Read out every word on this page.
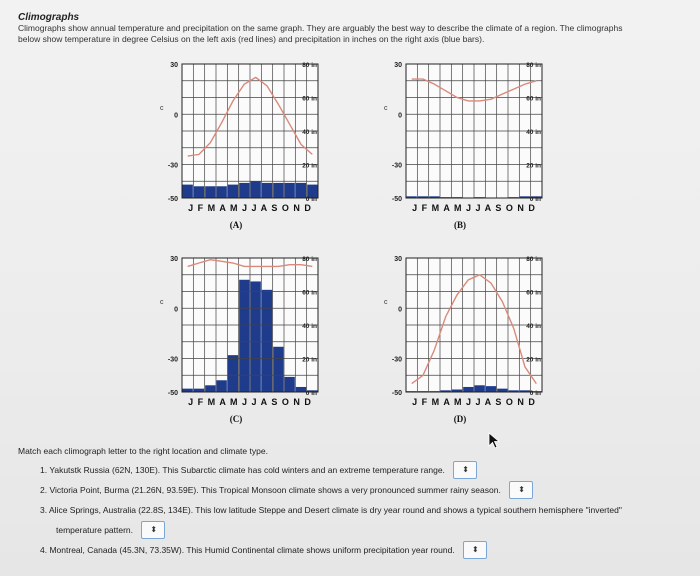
Climographs
Climographs show annual temperature and precipitation on the same graph. They are arguably the best way to describe the climate of a region. The climographs
below show temperature in degree Celsius on the left axis (red lines) and precipitation in inches on the right axis (blue bars).
30
0
-30
-50
c
80 in
60 in
40 in
20 in
0 in
J F M A M J J A S O N D
(A)
30
0
-30
-50
c
80 in
60 in
40 in
20 in
0 in
J F M A M J J A S O N D
(B)
30
0
-30
-50
c
80 in
60 in
40 in
20 in
0 in
J F M A M J J A S O N D
(C)
30
0
-30
-50
c
80 in
60 in
40 in
20 in
0 in
J F M A M J J A S O N D
(D)
Match each climograph letter to the right location and climate type.
1. Yakutstk Russia (62N, 130E). This Subarctic climate has cold winters and an extreme temperature range. ⬍
2. Victoria Point, Burma (21.26N, 93.59E). This Tropical Monsoon climate shows a very pronounced summer rainy season. ⬍
3. Alice Springs, Australia (22.8S, 134E). This low latitude Steppe and Desert climate is dry year round and shows a typical southern hemisphere "inverted"
temperature pattern. ⬍
4. Montreal, Canada (45.3N, 73.35W). This Humid Continental climate shows uniform precipitation year round. ⬍
